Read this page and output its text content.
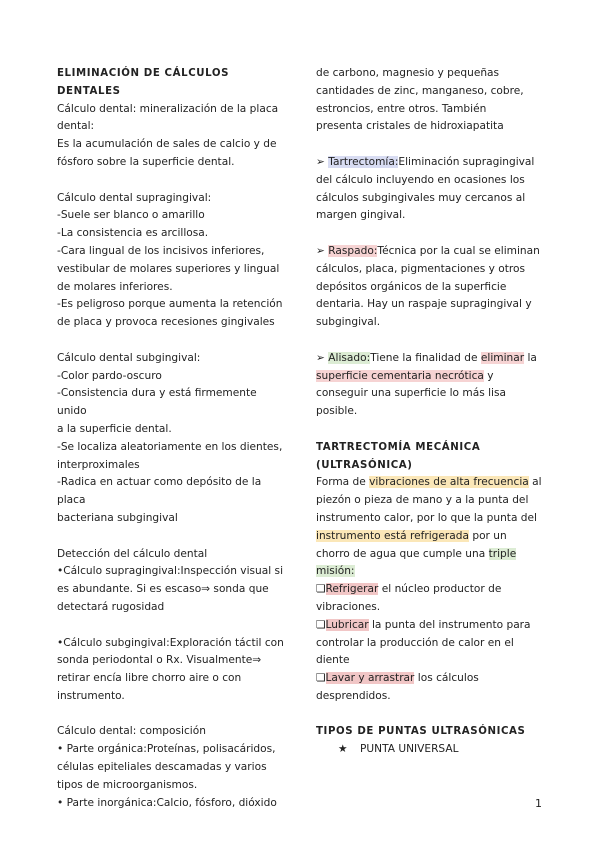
ELIMINACIÓN DE CÁLCULOS
DENTALES
Cálculo dental: mineralización de la placa
dental:
Es la acumulación de sales de calcio y de
fósforo sobre la superficie dental.
Cálculo dental supragingival:
-Suele ser blanco o amarillo
-La consistencia es arcillosa.
-Cara lingual de los incisivos inferiores,
vestibular de molares superiores y lingual
de molares inferiores.
-Es peligroso porque aumenta la retención
de placa y provoca recesiones gingivales
Cálculo dental subgingival:
-Color pardo-oscuro
-Consistencia dura y está firmemente unido
a la superficie dental.
-Se localiza aleatoriamente en los dientes,
interproximales
-Radica en actuar como depósito de la placa
bacteriana subgingival
Detección del cálculo dental
•Cálculo supragingival:Inspección visual si
es abundante. Si es escaso⇒ sonda que
detectará rugosidad
•Cálculo subgingival:Exploración táctil con
sonda periodontal o Rx. Visualmente⇒
retirar encía libre chorro aire o con
instrumento.
Cálculo dental: composición
• Parte orgánica:Proteínas, polisacáridos,
células epiteliales descamadas y varios
tipos de microorganismos.
• Parte inorgánica:Calcio, fósforo, dióxido
de carbono, magnesio y pequeñas
cantidades de zinc, manganeso, cobre,
estroncios, entre otros. También
presenta cristales de hidroxiapatita
➢ Tartrectomía:Eliminación supragingival
del cálculo incluyendo en ocasiones los
cálculos subgingivales muy cercanos al
margen gingival.
➢ Raspado:Técnica por la cual se eliminan
cálculos, placa, pigmentaciones y otros
depósitos orgánicos de la superficie
dentaria. Hay un raspaje supragingival y
subgingival.
➢ Alisado:Tiene la finalidad de eliminar la
superficie cementaria necrótica y
conseguir una superficie lo más lisa posible.
TARTRECTOMÍA MECÁNICA
(ULTRASÓNICA)
Forma de vibraciones de alta frecuencia al
piezón o pieza de mano y a la punta del
instrumento calor, por lo que la punta del
instrumento está refrigerada por un
chorro de agua que cumple una triple
misión:
❏Refrigerar el núcleo productor de
vibraciones.
❏Lubricar la punta del instrumento para
controlar la producción de calor en el
diente
❏Lavar y arrastrar los cálculos
desprendidos.
TIPOS DE PUNTAS ULTRASÓNICAS
★ PUNTA UNIVERSAL
1
